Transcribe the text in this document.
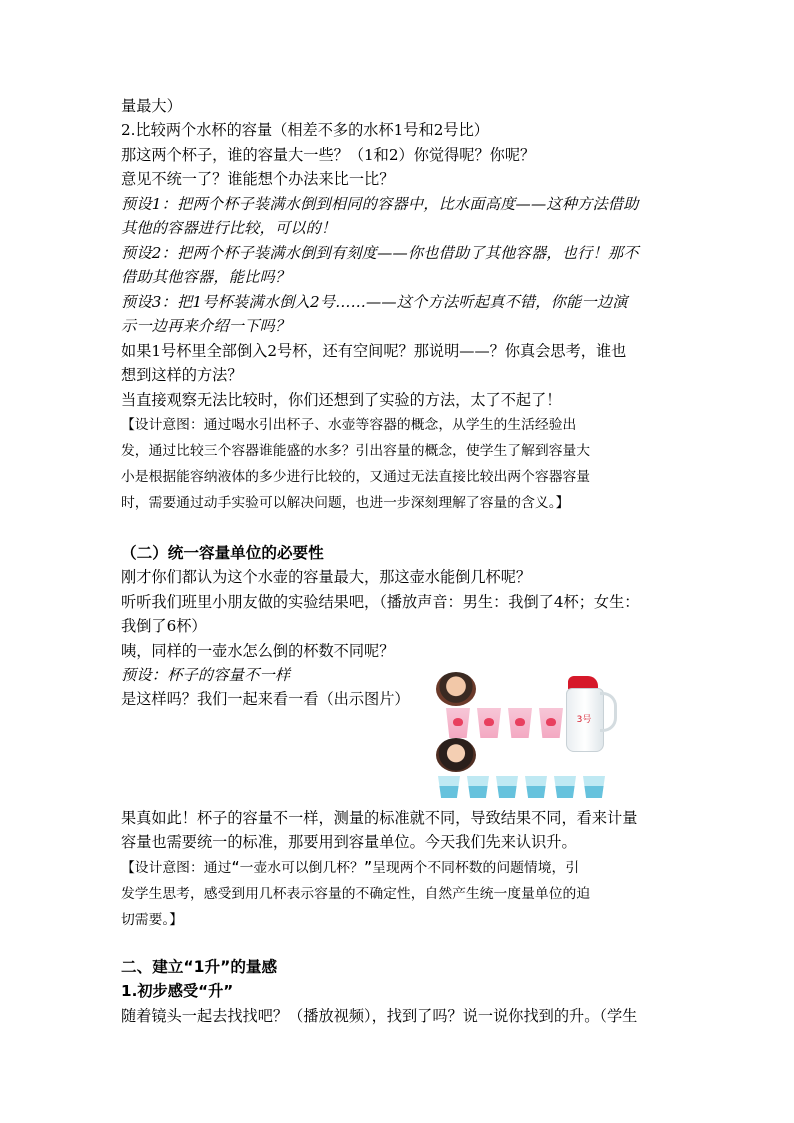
量最大）
2.比较两个水杯的容量（相差不多的水杯1号和2号比）
那这两个杯子，谁的容量大一些？（1和2）你觉得呢？你呢？
意见不统一了？谁能想个办法来比一比？
预设1：把两个杯子装满水倒到相同的容器中，比水面高度——这种方法借助
其他的容器进行比较，可以的！
预设2：把两个杯子装满水倒到有刻度——你也借助了其他容器，也行！那不
借助其他容器，能比吗？
预设3：把1号杯装满水倒入2号……——这个方法听起真不错，你能一边演
示一边再来介绍一下吗？
如果1号杯里全部倒入2号杯，还有空间呢？那说明——？你真会思考，谁也
想到这样的方法？
当直接观察无法比较时，你们还想到了实验的方法，太了不起了！
【设计意图：通过喝水引出杯子、水壶等容器的概念，从学生的生活经验出
发，通过比较三个容器谁能盛的水多？引出容量的概念，使学生了解到容量大
小是根据能容纳液体的多少进行比较的，又通过无法直接比较出两个容器容量
时，需要通过动手实验可以解决问题，也进一步深刻理解了容量的含义。】
（二）统一容量单位的必要性
刚才你们都认为这个水壶的容量最大，那这壶水能倒几杯呢？
听听我们班里小朋友做的实验结果吧，（播放声音：男生：我倒了4杯；女生：
我倒了6杯）
咦，同样的一壶水怎么倒的杯数不同呢？
预设：杯子的容量不一样
是这样吗？我们一起来看一看（出示图片）
果真如此！杯子的容量不一样，测量的标准就不同，导致结果不同，看来计量
容量也需要统一的标准，那要用到容量单位。今天我们先来认识升。
【设计意图：通过“一壶水可以倒几杯？”呈现两个不同杯数的问题情境，引
发学生思考，感受到用几杯表示容量的不确定性，自然产生统一度量单位的迫
切需要。】
二、建立“1升”的量感
1.初步感受“升”
随着镜头一起去找找吧？（播放视频），找到了吗？说一说你找到的升。（学生
3号
